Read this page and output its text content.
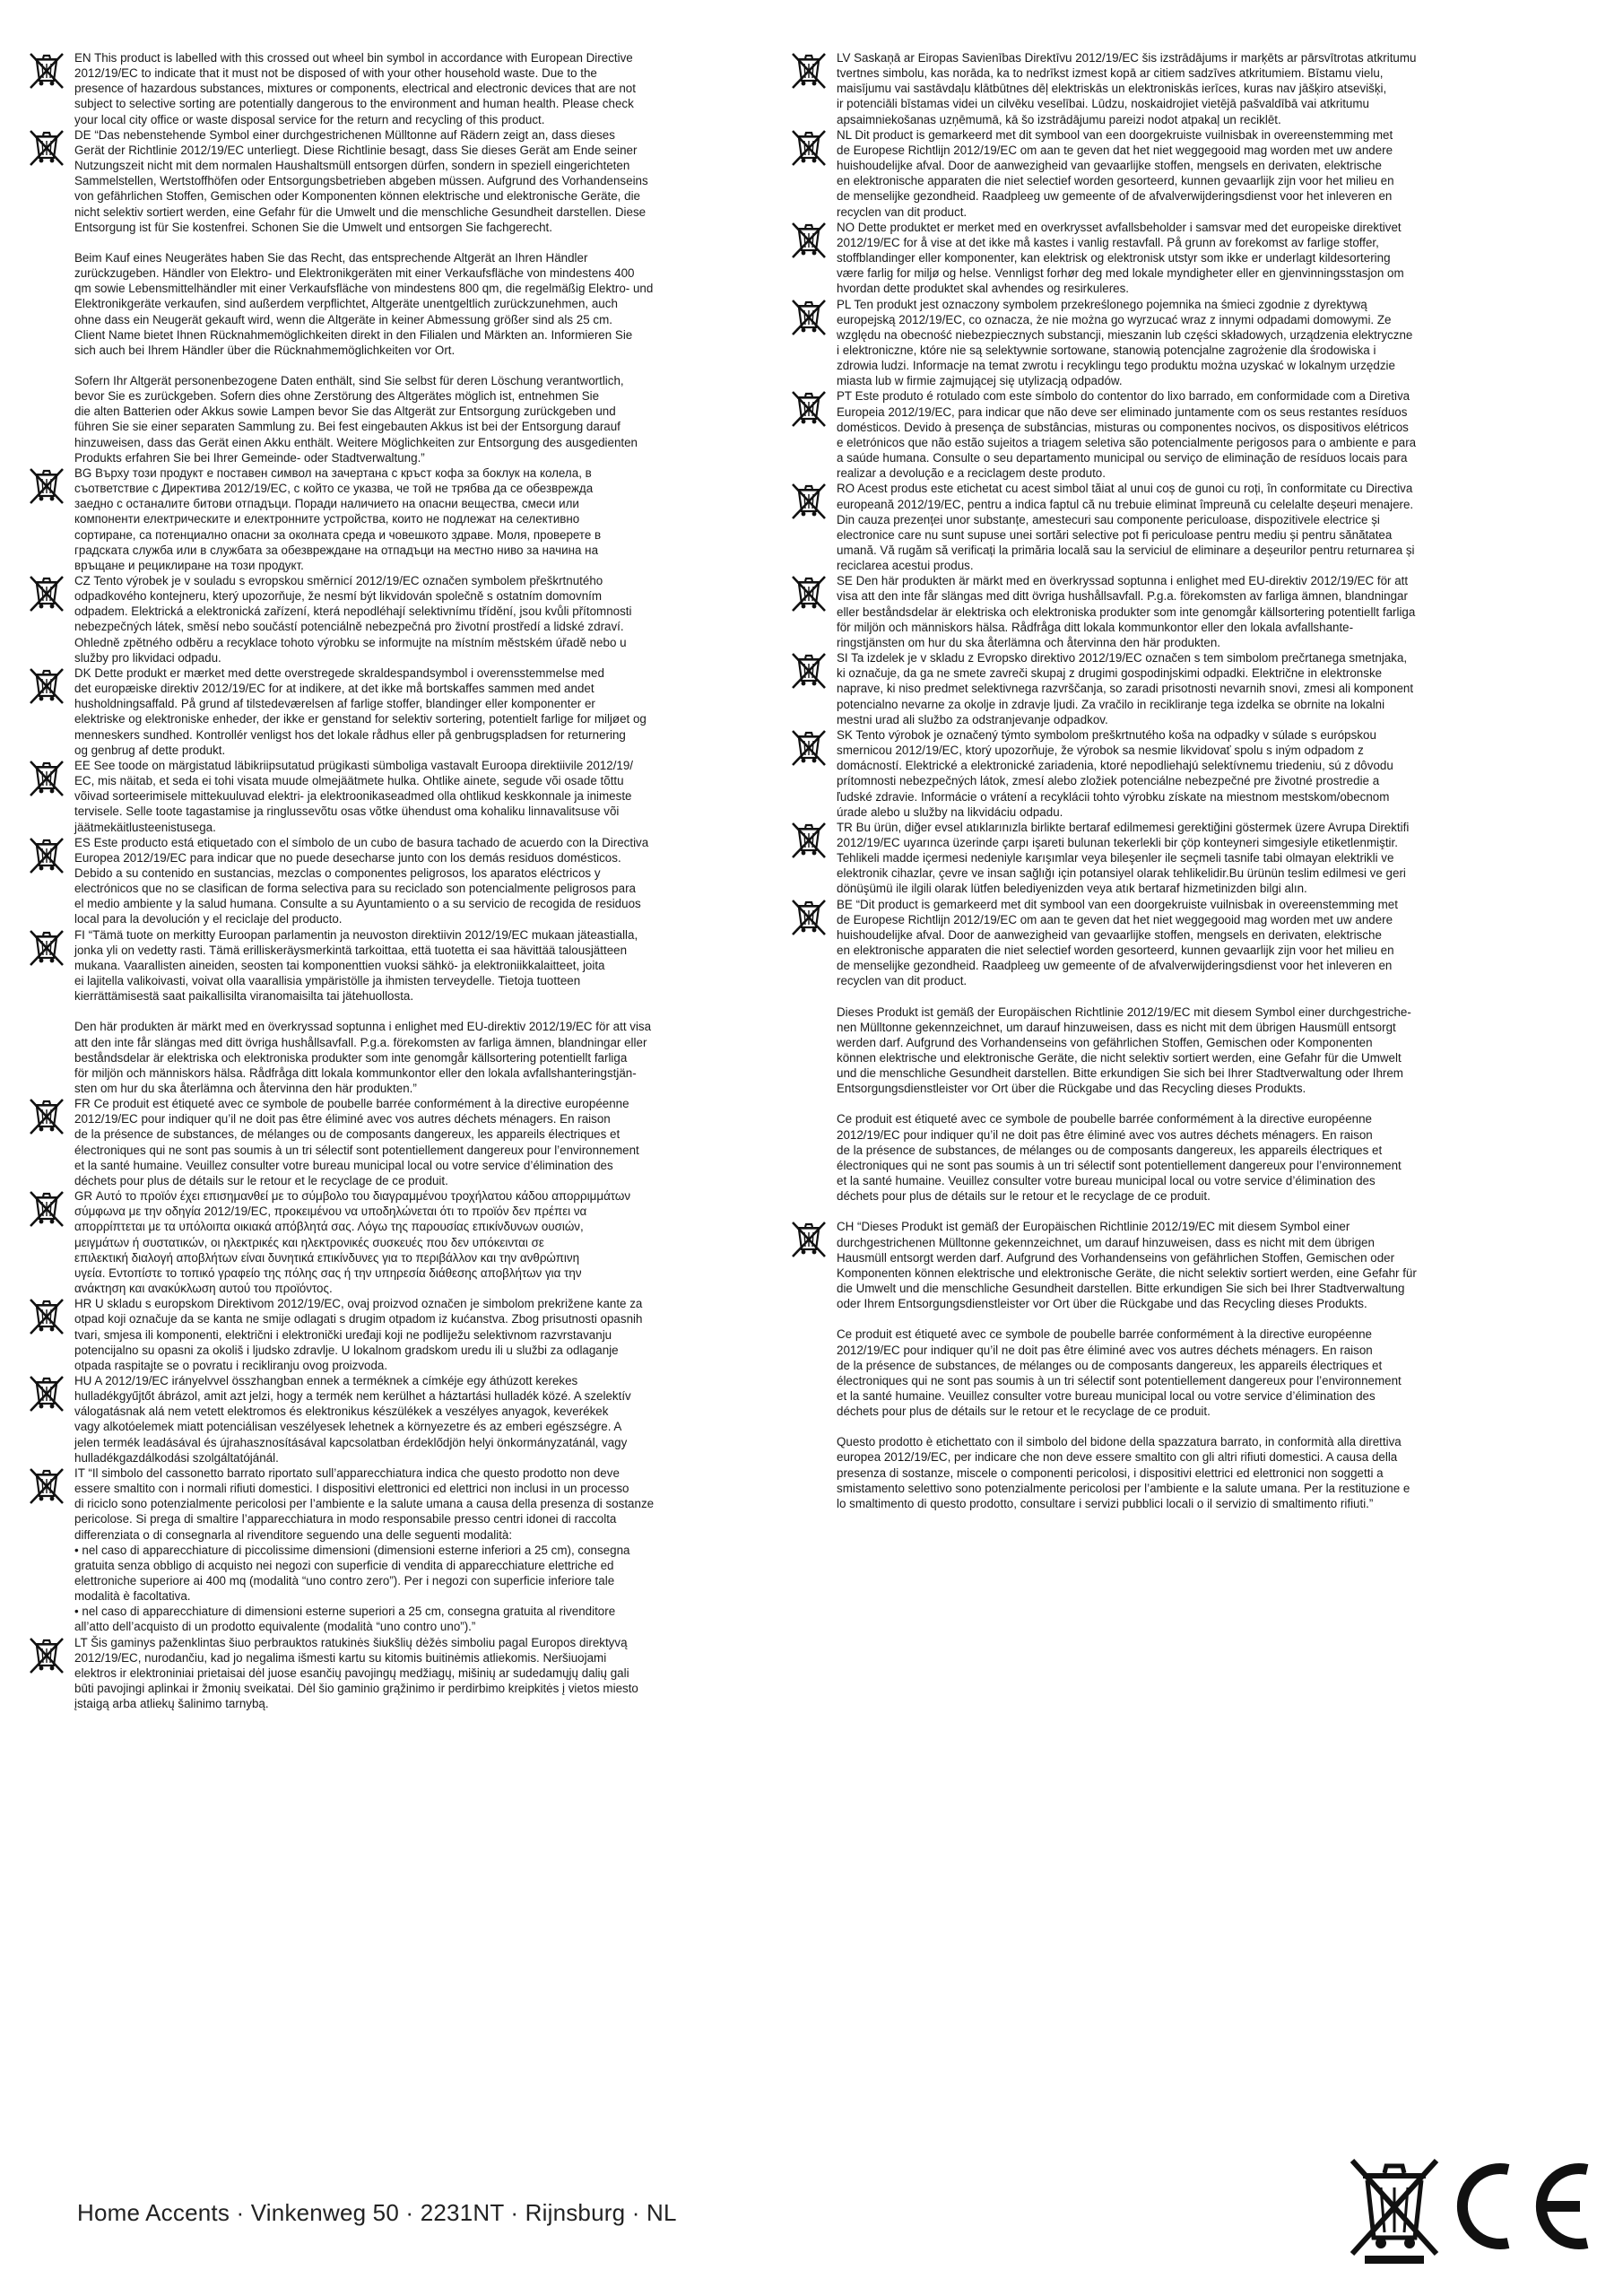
EN This product is labelled with this crossed out wheel bin symbol in accordance with European Directive
2012/19/EC to indicate that it must not be disposed of with your other household waste. Due to the
presence of hazardous substances, mixtures or components, electrical and electronic devices that are not
subject to selective sorting are potentially dangerous to the environment and human health. Please check
your local city office or waste disposal service for the return and recycling of this product.

DE “Das nebenstehende Symbol einer durchgestrichenen Mülltonne auf Rädern zeigt an, dass dieses
Gerät der Richtlinie 2012/19/EC unterliegt. Diese Richtlinie besagt, dass Sie dieses Gerät am Ende seiner
Nutzungszeit nicht mit dem normalen Haushaltsmüll entsorgen dürfen, sondern in speziell eingerichteten
Sammelstellen, Wertstoffhöfen oder Entsorgungsbetrieben abgeben müssen. Aufgrund des Vorhandenseins
von gefährlichen Stoffen, Gemischen oder Komponenten können elektrische und elektronische Geräte, die
nicht selektiv sortiert werden, eine Gefahr für die Umwelt und die menschliche Gesundheit darstellen. Diese
Entsorgung ist für Sie kostenfrei. Schonen Sie die Umwelt und entsorgen Sie fachgerecht.

Beim Kauf eines Neugerätes haben Sie das Recht, das entsprechende Altgerät an Ihren Händler
zurückzugeben. Händler von Elektro- und Elektronikgeräten mit einer Verkaufsfläche von mindestens 400
qm sowie Lebensmittelhändler mit einer Verkaufsfläche von mindestens 800 qm, die regelmäßig Elektro- und
Elektronikgeräte verkaufen, sind außerdem verpflichtet, Altgeräte unentgeltlich zurückzunehmen, auch
ohne dass ein Neugerät gekauft wird, wenn die Altgeräte in keiner Abmessung größer sind als 25 cm.
Client Name bietet Ihnen Rücknahmemöglichkeiten direkt in den Filialen und Märkten an. Informieren Sie
sich auch bei Ihrem Händler über die Rücknahmemöglichkeiten vor Ort.

Sofern Ihr Altgerät personenbezogene Daten enthält, sind Sie selbst für deren Löschung verantwortlich,
bevor Sie es zurückgeben. Sofern dies ohne Zerstörung des Altgerätes möglich ist, entnehmen Sie
die alten Batterien oder Akkus sowie Lampen bevor Sie das Altgerät zur Entsorgung zurückgeben und
führen Sie sie einer separaten Sammlung zu. Bei fest eingebauten Akkus ist bei der Entsorgung darauf
hinzuweisen, dass das Gerät einen Akku enthält. Weitere Möglichkeiten zur Entsorgung des ausgedienten
Produkts erfahren Sie bei Ihrer Gemeinde- oder Stadtverwaltung.”

BG Върху този продукт е поставен символ на зачертана с кръст кофа за боклук на колела, в
съответствие с Директива 2012/19/ЕС, с който се указва, че той не трябва да се обезврежда
заедно с останалите битови отпадъци. Поради наличието на опасни вещества, смеси или
компоненти електрическите и електронните устройства, които не подлежат на селективно
сортиране, са потенциално опасни за околната среда и човешкото здраве. Моля, проверете в
градската служба или в службата за обезвреждане на отпадъци на местно ниво за начина на
връщане и рециклиране на този продукт.

CZ Tento výrobek je v souladu s evropskou směrnicí 2012/19/EC označen symbolem přeškrtnutého
odpadkového kontejneru, který upozorňuje, že nesmí být likvidován společně s ostatním domovním
odpadem. Elektrická a elektronická zařízení, která nepodléhají selektivnímu třídění, jsou kvůli přítomnosti
nebezpečných látek, směsí nebo součástí potenciálně nebezpečná pro životní prostředí a lidské zdraví.
Ohledně zpětného odběru a recyklace tohoto výrobku se informujte na místním městském úřadě nebo u
služby pro likvidaci odpadu.

DK Dette produkt er mærket med dette overstregede skraldespandsymbol i overensstemmelse med
det europæiske direktiv 2012/19/EC for at indikere, at det ikke må bortskaffes sammen med andet
husholdningsaffald. På grund af tilstedeværelsen af farlige stoffer, blandinger eller komponenter er
elektriske og elektroniske enheder, der ikke er genstand for selektiv sortering, potentielt farlige for miljøet og
menneskers sundhed. Kontrollér venligst hos det lokale rådhus eller på genbrugspladsen for returnering
og genbrug af dette produkt.

EE See toode on märgistatud läbikriipsutatud prügikasti sümboliga vastavalt Euroopa direktiivile 2012/19/
EC, mis näitab, et seda ei tohi visata muude olmejäätmete hulka. Ohtlike ainete, segude või osade tõttu
võivad sorteerimisele mittekuuluvad elektri- ja elektroonikaseadmed olla ohtlikud keskkonnale ja inimeste
tervisele. Selle toote tagastamise ja ringlussevõtu osas võtke ühendust oma kohaliku linnavalitsuse või
jäätmekäitlusteenistusega.

ES Este producto está etiquetado con el símbolo de un cubo de basura tachado de acuerdo con la Directiva
Europea 2012/19/EC para indicar que no puede desecharse junto con los demás residuos domésticos.
Debido a su contenido en sustancias, mezclas o componentes peligrosos, los aparatos eléctricos y
electrónicos que no se clasifican de forma selectiva para su reciclado son potencialmente peligrosos para
el medio ambiente y la salud humana. Consulte a su Ayuntamiento o a su servicio de recogida de residuos
local para la devolución y el reciclaje del producto.

FI “Tämä tuote on merkitty Euroopan parlamentin ja neuvoston direktiivin 2012/19/EC mukaan jäteastialla,
jonka yli on vedetty rasti. Tämä erilliskeräysmerkintä tarkoittaa, että tuotetta ei saa hävittää talousjätteen
mukana. Vaarallisten aineiden, seosten tai komponenttien vuoksi sähkö- ja elektroniikkalaitteet, joita
ei lajitella valikoivasti, voivat olla vaarallisia ympäristölle ja ihmisten terveydelle. Tietoja tuotteen
kierrättämisestä saat paikallisilta viranomaisilta tai jätehuollosta.

Den här produkten är märkt med en överkryssad soptunna i enlighet med EU-direktiv 2012/19/EC för att visa
att den inte får slängas med ditt övriga hushållsavfall. P.g.a. förekomsten av farliga ämnen, blandningar eller
beståndsdelar är elektriska och elektroniska produkter som inte genomgår källsortering potentiellt farliga
för miljön och människors hälsa. Rådfråga ditt lokala kommunkontor eller den lokala avfallshanteringstjän-
sten om hur du ska återlämna och återvinna den här produkten.”

FR Ce produit est étiqueté avec ce symbole de poubelle barrée conformément à la directive européenne
2012/19/EC pour indiquer qu’il ne doit pas être éliminé avec vos autres déchets ménagers. En raison
de la présence de substances, de mélanges ou de composants dangereux, les appareils électriques et
électroniques qui ne sont pas soumis à un tri sélectif sont potentiellement dangereux pour l’environnement
et la santé humaine. Veuillez consulter votre bureau municipal local ou votre service d’élimination des
déchets pour plus de détails sur le retour et le recyclage de ce produit.

GR Αυτό το προϊόν έχει επισημανθεί με το σύμβολο του διαγραμμένου τροχήλατου κάδου απορριμμάτων
σύμφωνα με την οδηγία 2012/19/ΕC, προκειμένου να υποδηλώνεται ότι το προϊόν δεν πρέπει να
απορρίπτεται με τα υπόλοιπα οικιακά απόβλητά σας. Λόγω της παρουσίας επικίνδυνων ουσιών,
μειγμάτων ή συστατικών, οι ηλεκτρικές και ηλεκτρονικές συσκευές που δεν υπόκεινται σε
επιλεκτική διαλογή αποβλήτων είναι δυνητικά επικίνδυνες για το περιβάλλον και την ανθρώπινη
υγεία. Εντοπίστε το τοπικό γραφείο της πόλης σας ή την υπηρεσία διάθεσης αποβλήτων για την
ανάκτηση και ανακύκλωση αυτού του προϊόντος.

HR U skladu s europskom Direktivom 2012/19/EC, ovaj proizvod označen je simbolom prekrižene kante za
otpad koji označuje da se kanta ne smije odlagati s drugim otpadom iz kućanstva. Zbog prisutnosti opasnih
tvari, smjesa ili komponenti, električni i elektronički uređaji koji ne podliježu selektivnom razvrstavanju
potencijalno su opasni za okoliš i ljudsko zdravlje. U lokalnom gradskom uredu ili u službi za odlaganje
otpada raspitajte se o povratu i recikliranju ovog proizvoda.

HU A 2012/19/EC irányelvvel összhangban ennek a terméknek a címkéje egy áthúzott kerekes
hulladékgyűjtőt ábrázol, amit azt jelzi, hogy a termék nem kerülhet a háztartási hulladék közé. A szelektív
válogatásnak alá nem vetett elektromos és elektronikus készülékek a veszélyes anyagok, keverékek
vagy alkotóelemek miatt potenciálisan veszélyesek lehetnek a környezetre és az emberi egészségre. A
jelen termék leadásával és újrahasznosításával kapcsolatban érdeklődjön helyi önkormányzatánál, vagy
hulladékgazdálkodási szolgáltatójánál.

IT “Il simbolo del cassonetto barrato riportato sull’apparecchiatura indica che questo prodotto non deve
essere smaltito con i normali rifiuti domestici. I dispositivi elettronici ed elettrici non inclusi in un processo
di riciclo sono potenzialmente pericolosi per l’ambiente e la salute umana a causa della presenza di sostanze
pericolose. Si prega di smaltire l’apparecchiatura in modo responsabile presso centri idonei di raccolta
differenziata o di consegnarla al rivenditore seguendo una delle seguenti modalità:
• nel caso di apparecchiature di piccolissime dimensioni (dimensioni esterne inferiori a 25 cm), consegna
gratuita senza obbligo di acquisto nei negozi con superficie di vendita di apparecchiature elettriche ed
elettroniche superiore ai 400 mq (modalità “uno contro zero”). Per i negozi con superficie inferiore tale
modalità è facoltativa.
• nel caso di apparecchiature di dimensioni esterne superiori a 25 cm, consegna gratuita al rivenditore
all’atto dell’acquisto di un prodotto equivalente (modalità “uno contro uno”).”

LT Šis gaminys paženklintas šiuo perbrauktos ratukinės šiukšlių dėžės simboliu pagal Europos direktyvą
2012/19/EC, nurodančiu, kad jo negalima išmesti kartu su kitomis buitinėmis atliekomis. Neršiuojami
elektros ir elektroniniai prietaisai dėl juose esančių pavojingų medžiagų, mišinių ar sudedamųjų dalių gali
būti pavojingi aplinkai ir žmonių sveikatai. Dėl šio gaminio grąžinimo ir perdirbimo kreipkitės į vietos miesto
įstaigą arba atliekų šalinimo tarnybą.

LV Saskaņā ar Eiropas Savienības Direktīvu 2012/19/EC šis izstrādājums ir marķēts ar pārsvītrotas atkritumu
tvertnes simbolu, kas norāda, ka to nedrīkst izmest kopā ar citiem sadzīves atkritumiem. Bīstamu vielu,
maisījumu vai sastāvdaļu klātbūtnes dēļ elektriskās un elektroniskās ierīces, kuras nav jāšķiro atsevišķi,
ir potenciāli bīstamas videi un cilvēku veselībai. Lūdzu, noskaidrojiet vietējā pašvaldībā vai atkritumu
apsaimniekošanas uzņēmumā, kā šo izstrādājumu pareizi nodot atpakaļ un reciklēt.

NL Dit product is gemarkeerd met dit symbool van een doorgekruiste vuilnisbak in overeenstemming met
de Europese Richtlijn 2012/19/EC om aan te geven dat het niet weggegooid mag worden met uw andere
huishoudelijke afval. Door de aanwezigheid van gevaarlijke stoffen, mengsels en derivaten, elektrische
en elektronische apparaten die niet selectief worden gesorteerd, kunnen gevaarlijk zijn voor het milieu en
de menselijke gezondheid. Raadpleeg uw gemeente of de afvalverwijderingsdienst voor het inleveren en
recyclen van dit product.

NO Dette produktet er merket med en overkrysset avfallsbeholder i samsvar med det europeiske direktivet
2012/19/EC for å vise at det ikke må kastes i vanlig restavfall. På grunn av forekomst av farlige stoffer,
stoffblandinger eller komponenter, kan elektrisk og elektronisk utstyr som ikke er underlagt kildesortering
være farlig for miljø og helse. Vennligst forhør deg med lokale myndigheter eller en gjenvinningsstasjon om
hvordan dette produktet skal avhendes og resirkuleres.

PL Ten produkt jest oznaczony symbolem przekreślonego pojemnika na śmieci zgodnie z dyrektywą
europejską 2012/19/EC, co oznacza, że nie można go wyrzucać wraz z innymi odpadami domowymi. Ze
względu na obecność niebezpiecznych substancji, mieszanin lub części składowych, urządzenia elektryczne
i elektroniczne, które nie są selektywnie sortowane, stanowią potencjalne zagrożenie dla środowiska i
zdrowia ludzi. Informacje na temat zwrotu i recyklingu tego produktu można uzyskać w lokalnym urzędzie
miasta lub w firmie zajmującej się utylizacją odpadów.

PT Este produto é rotulado com este símbolo do contentor do lixo barrado, em conformidade com a Diretiva
Europeia 2012/19/EC, para indicar que não deve ser eliminado juntamente com os seus restantes resíduos
domésticos. Devido à presença de substâncias, misturas ou componentes nocivos, os dispositivos elétricos
e eletrónicos que não estão sujeitos a triagem seletiva são potencialmente perigosos para o ambiente e para
a saúde humana. Consulte o seu departamento municipal ou serviço de eliminação de resíduos locais para
realizar a devolução e a reciclagem deste produto.

RO Acest produs este etichetat cu acest simbol tăiat al unui coș de gunoi cu roți, în conformitate cu Directiva
europeană 2012/19/EC, pentru a indica faptul că nu trebuie eliminat împreună cu celelalte deșeuri menajere.
Din cauza prezenței unor substanțe, amestecuri sau componente periculoase, dispozitivele electrice și
electronice care nu sunt supuse unei sortări selective pot fi periculoase pentru mediu și pentru sănătatea
umană. Vă rugăm să verificați la primăria locală sau la serviciul de eliminare a deșeurilor pentru returnarea și
reciclarea acestui produs.

SE Den här produkten är märkt med en överkryssad soptunna i enlighet med EU-direktiv 2012/19/EC för att
visa att den inte får slängas med ditt övriga hushållsavfall. P.g.a. förekomsten av farliga ämnen, blandningar
eller beståndsdelar är elektriska och elektroniska produkter som inte genomgår källsortering potentiellt farliga
för miljön och människors hälsa. Rådfråga ditt lokala kommunkontor eller den lokala avfallshante-
ringstjänsten om hur du ska återlämna och återvinna den här produkten.

SI Ta izdelek je v skladu z Evropsko direktivo 2012/19/EC označen s tem simbolom prečrtanega smetnjaka,
ki označuje, da ga ne smete zavreči skupaj z drugimi gospodinjskimi odpadki. Električne in elektronske
naprave, ki niso predmet selektivnega razvrščanja, so zaradi prisotnosti nevarnih snovi, zmesi ali komponent
potencialno nevarne za okolje in zdravje ljudi. Za vračilo in recikliranje tega izdelka se obrnite na lokalni
mestni urad ali službo za odstranjevanje odpadkov.

SK Tento výrobok je označený týmto symbolom preškrtnutého koša na odpadky v súlade s európskou
smernicou 2012/19/EC, ktorý upozorňuje, že výrobok sa nesmie likvidovať spolu s iným odpadom z
domácností. Elektrické a elektronické zariadenia, ktoré nepodliehajú selektívnemu triedeniu, sú z dôvodu
prítomnosti nebezpečných látok, zmesí alebo zložiek potenciálne nebezpečné pre životné prostredie a
ľudské zdravie. Informácie o vrátení a recyklácii tohto výrobku získate na miestnom mestskom/obecnom
úrade alebo u služby na likvidáciu odpadu.

TR Bu ürün, diğer evsel atıklarınızla birlikte bertaraf edilmemesi gerektiğini göstermek üzere Avrupa Direktifi
2012/19/EC uyarınca üzerinde çarpı işareti bulunan tekerlekli bir çöp konteyneri simgesiyle etiketlenmiştir.
Tehlikeli madde içermesi nedeniyle karışımlar veya bileşenler ile seçmeli tasnife tabi olmayan elektrikli ve
elektronik cihazlar, çevre ve insan sağlığı için potansiyel olarak tehlikelidir.Bu ürünün teslim edilmesi ve geri
dönüşümü ile ilgili olarak lütfen belediyenizden veya atık bertaraf hizmetinizden bilgi alın.

BE “Dit product is gemarkeerd met dit symbool van een doorgekruiste vuilnisbak in overeenstemming met
de Europese Richtlijn 2012/19/EC om aan te geven dat het niet weggegooid mag worden met uw andere
huishoudelijke afval. Door de aanwezigheid van gevaarlijke stoffen, mengsels en derivaten, elektrische
en elektronische apparaten die niet selectief worden gesorteerd, kunnen gevaarlijk zijn voor het milieu en
de menselijke gezondheid. Raadpleeg uw gemeente of de afvalverwijderingsdienst voor het inleveren en
recyclen van dit product.

Dieses Produkt ist gemäß der Europäischen Richtlinie 2012/19/EC mit diesem Symbol einer durchgestriche-
nen Mülltonne gekennzeichnet, um darauf hinzuweisen, dass es nicht mit dem übrigen Hausmüll entsorgt
werden darf. Aufgrund des Vorhandenseins von gefährlichen Stoffen, Gemischen oder Komponenten
können elektrische und elektronische Geräte, die nicht selektiv sortiert werden, eine Gefahr für die Umwelt
und die menschliche Gesundheit darstellen. Bitte erkundigen Sie sich bei Ihrer Stadtverwaltung oder Ihrem
Entsorgungsdienstleister vor Ort über die Rückgabe und das Recycling dieses Produkts.

Ce produit est étiqueté avec ce symbole de poubelle barrée conformément à la directive européenne
2012/19/EC pour indiquer qu’il ne doit pas être éliminé avec vos autres déchets ménagers. En raison
de la présence de substances, de mélanges ou de composants dangereux, les appareils électriques et
électroniques qui ne sont pas soumis à un tri sélectif sont potentiellement dangereux pour l’environnement
et la santé humaine. Veuillez consulter votre bureau municipal local ou votre service d’élimination des
déchets pour plus de détails sur le retour et le recyclage de ce produit.

CH “Dieses Produkt ist gemäß der Europäischen Richtlinie 2012/19/EC mit diesem Symbol einer
durchgestrichenen Mülltonne gekennzeichnet, um darauf hinzuweisen, dass es nicht mit dem übrigen
Hausmüll entsorgt werden darf. Aufgrund des Vorhandenseins von gefährlichen Stoffen, Gemischen oder
Komponenten können elektrische und elektronische Geräte, die nicht selektiv sortiert werden, eine Gefahr für
die Umwelt und die menschliche Gesundheit darstellen. Bitte erkundigen Sie sich bei Ihrer Stadtverwaltung
oder Ihrem Entsorgungsdienstleister vor Ort über die Rückgabe und das Recycling dieses Produkts.

Ce produit est étiqueté avec ce symbole de poubelle barrée conformément à la directive européenne
2012/19/EC pour indiquer qu’il ne doit pas être éliminé avec vos autres déchets ménagers. En raison
de la présence de substances, de mélanges ou de composants dangereux, les appareils électriques et
électroniques qui ne sont pas soumis à un tri sélectif sont potentiellement dangereux pour l’environnement
et la santé humaine. Veuillez consulter votre bureau municipal local ou votre service d’élimination des
déchets pour plus de détails sur le retour et le recyclage de ce produit.

Questo prodotto è etichettato con il simbolo del bidone della spazzatura barrato, in conformità alla direttiva
europea 2012/19/EC, per indicare che non deve essere smaltito con gli altri rifiuti domestici. A causa della
presenza di sostanze, miscele o componenti pericolosi, i dispositivi elettrici ed elettronici non soggetti a
smistamento selettivo sono potenzialmente pericolosi per l’ambiente e la salute umana. Per la restituzione e
lo smaltimento di questo prodotto, consultare i servizi pubblici locali o il servizio di smaltimento rifiuti.”

Home Accents · Vinkenweg 50 · 2231NT · Rijnsburg · NL
